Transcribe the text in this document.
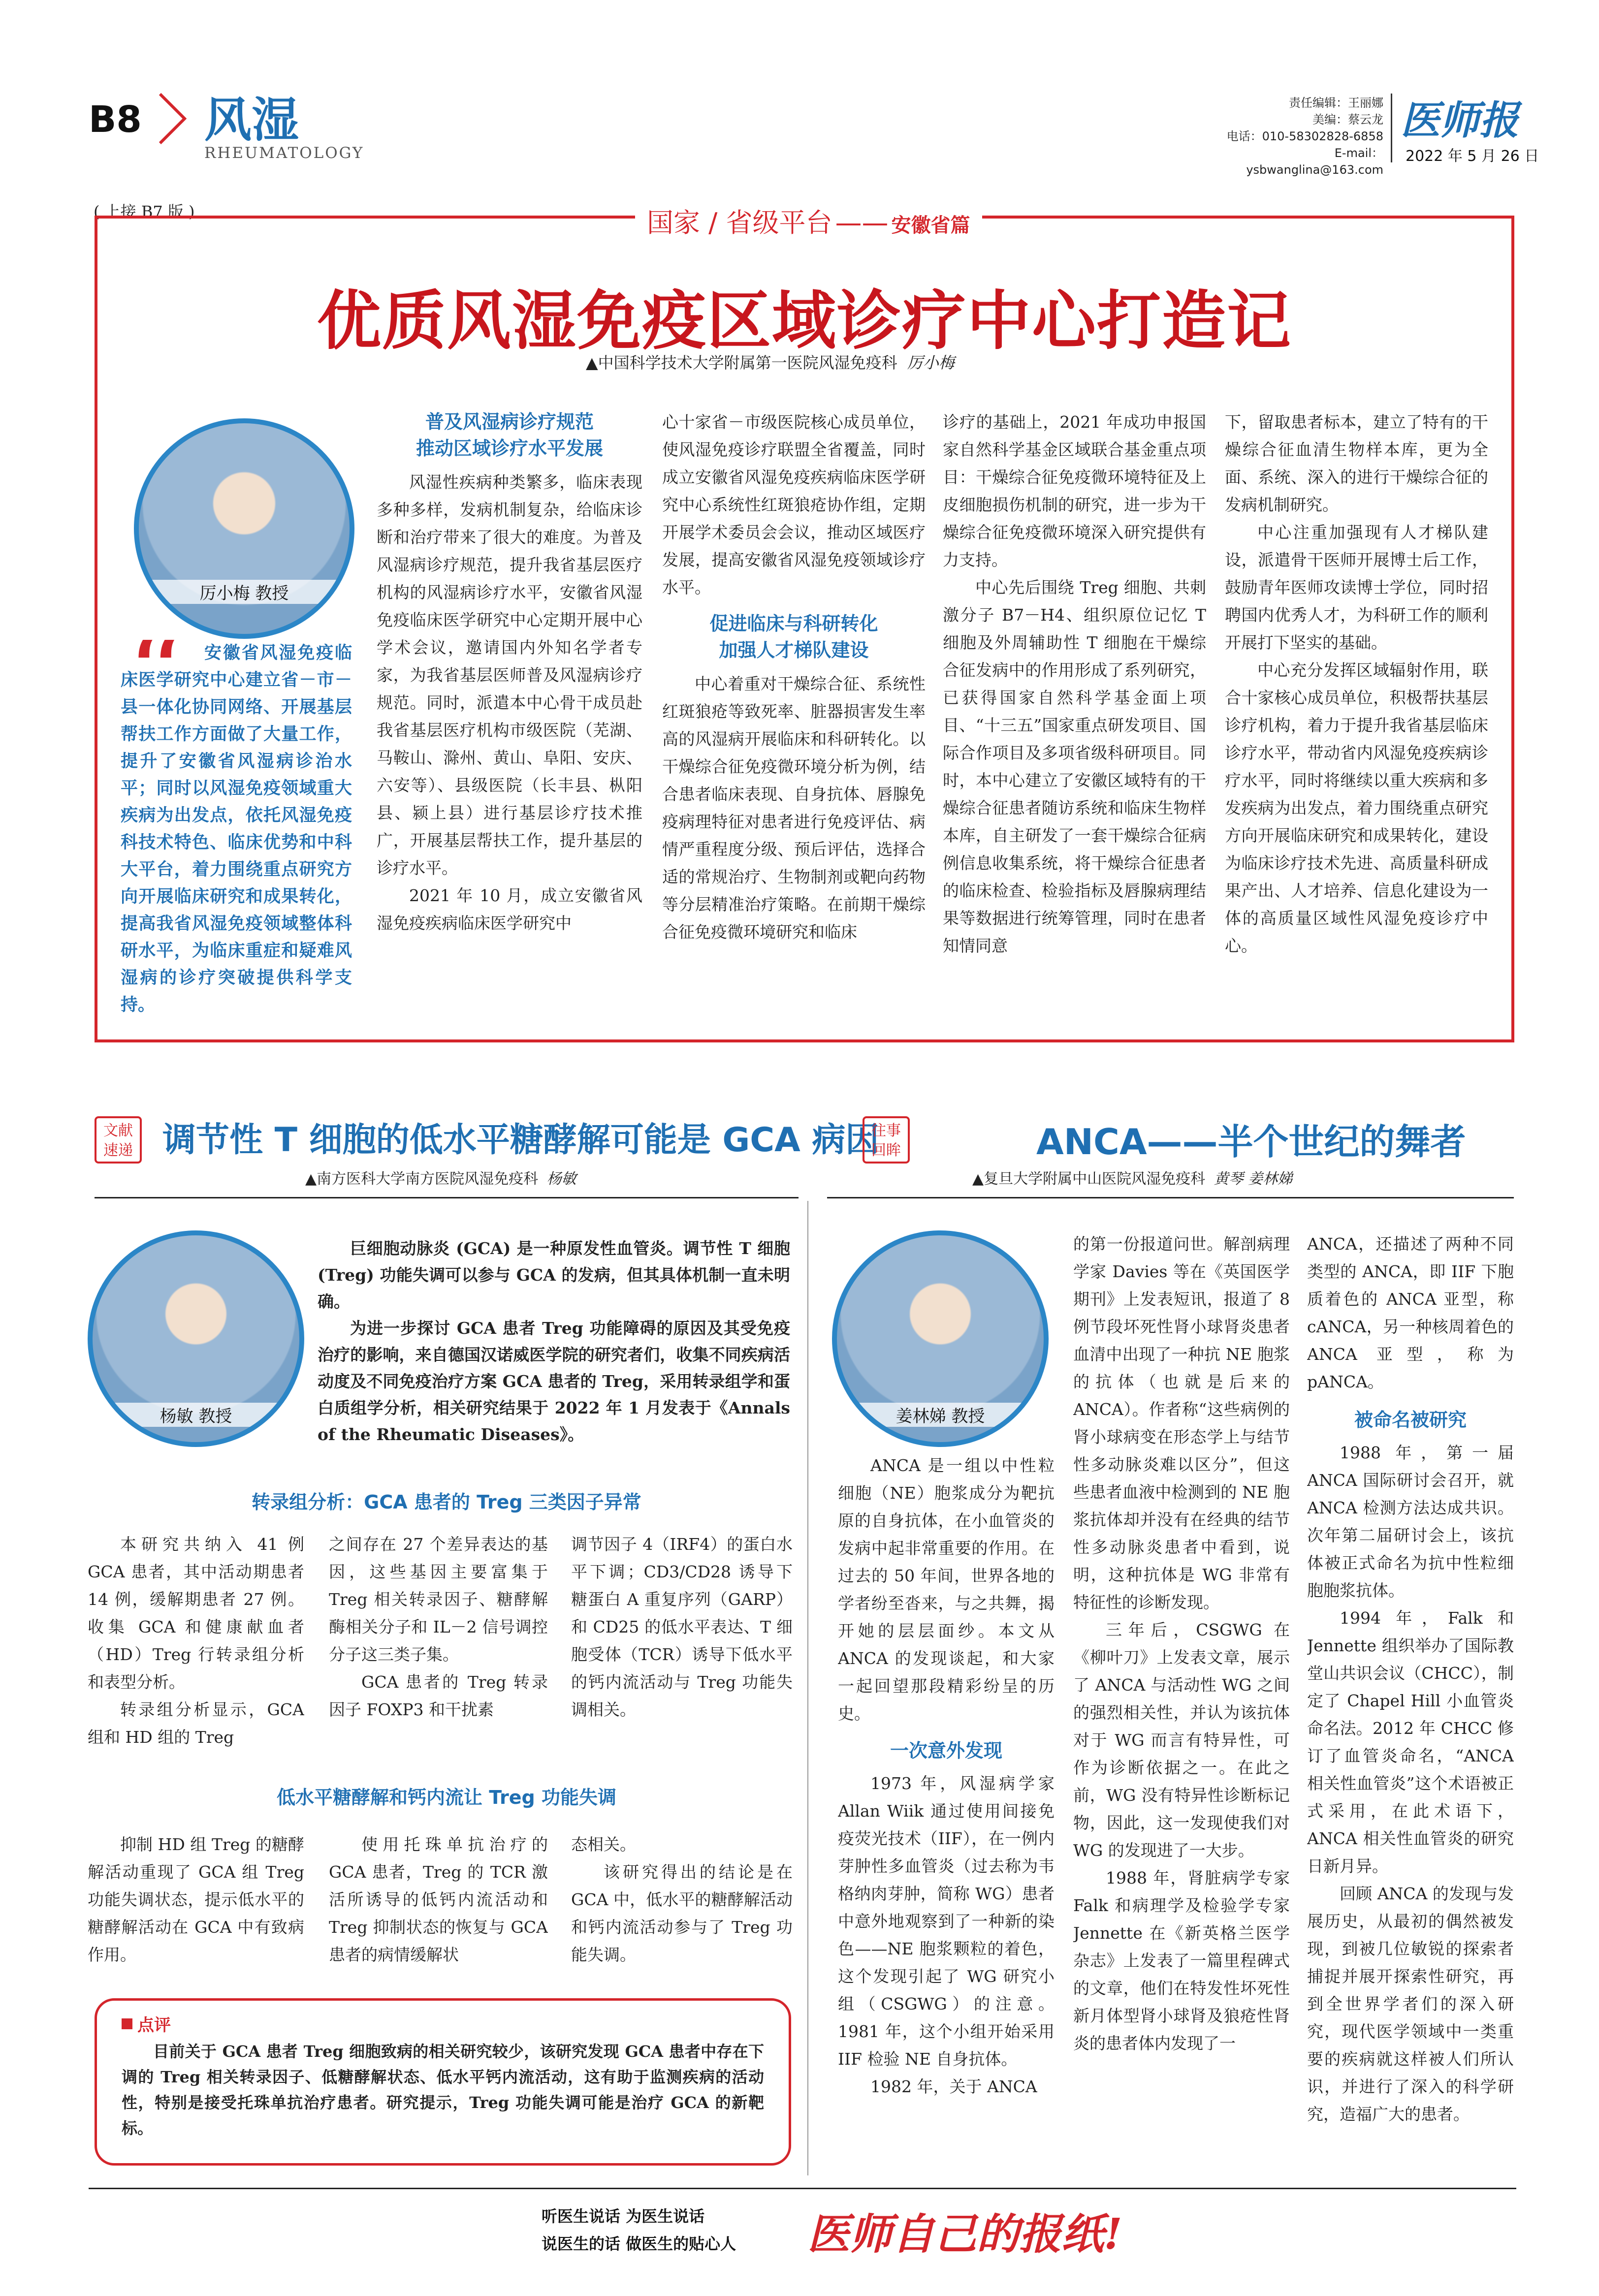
B8 风湿
RHEUMATOLOGY
责任编辑：王丽娜
美编：蔡云龙
电话：010-58302828-6858
E-mail：ysbwanglina@163.com
医师报
2022 年 5 月 26 日
( 上接 B7 版 )	国家 / 省级平台 —— 安徽省篇
优质风湿免疫区域诊疗中心打造记
▲中国科学技术大学附属第一医院风湿免疫科 厉小梅
厉小梅 教授
“	安徽省风湿免疫临床医学研究中心建立省－市－县一体化协同网络、开展基层帮扶工作方面做了大量工作，提升了安徽省风湿病诊治水平；同时以风湿免疫领域重大疾病为出发点，依托风湿免疫科技术特色、临床优势和中科大平台，着力围绕重点研究方向开展临床研究和成果转化，提高我省风湿免疫领域整体科研水平，为临床重症和疑难风湿病的诊疗突破提供科学支持。
普及风湿病诊疗规范
推动区域诊疗水平发展

风湿性疾病种类繁多，临床表现多种多样，发病机制复杂，给临床诊断和治疗带来了很大的难度。为普及风湿病诊疗规范，提升我省基层医疗机构的风湿病诊疗水平，安徽省风湿免疫临床医学研究中心定期开展中心学术会议，邀请国内外知名学者专家，为我省基层医师普及风湿病诊疗规范。同时，派遣本中心骨干成员赴我省基层医疗机构市级医院（芜湖、马鞍山、滁州、黄山、阜阳、安庆、六安等）、县级医院（长丰县、枞阳县、颍上县）进行基层诊疗技术推广，开展基层帮扶工作，提升基层的诊疗水平。

2021 年 10 月，成立安徽省风湿免疫疾病临床医学研究中

心十家省－市级医院核心成员单位，使风湿免疫诊疗联盟全省覆盖，同时成立安徽省风湿免疫疾病临床医学研究中心系统性红斑狼疮协作组，定期开展学术委员会会议，推动区域医疗发展，提高安徽省风湿免疫领域诊疗水平。

促进临床与科研转化
加强人才梯队建设

中心着重对干燥综合征、系统性红斑狼疮等致死率、脏器损害发生率高的风湿病开展临床和科研转化。以干燥综合征免疫微环境分析为例，结合患者临床表现、自身抗体、唇腺免疫病理特征对患者进行免疫评估、病情严重程度分级、预后评估，选择合适的常规治疗、生物制剂或靶向药物等分层精准治疗策略。在前期干燥综合征免疫微环境研究和临床

诊疗的基础上，2021 年成功申报国家自然科学基金区域联合基金重点项目：干燥综合征免疫微环境特征及上皮细胞损伤机制的研究，进一步为干燥综合征免疫微环境深入研究提供有力支持。

中心先后围绕 Treg 细胞、共刺激分子 B7－H4、组织原位记忆 T 细胞及外周辅助性 T 细胞在干燥综合征发病中的作用形成了系列研究，已获得国家自然科学基金面上项目、“十三五”国家重点研发项目、国际合作项目及多项省级科研项目。同时，本中心建立了安徽区域特有的干燥综合征患者随访系统和临床生物样本库，自主研发了一套干燥综合征病例信息收集系统，将干燥综合征患者的临床检查、检验指标及唇腺病理结果等数据进行统筹管理，同时在患者知情同意

下，留取患者标本，建立了特有的干燥综合征血清生物样本库，更为全面、系统、深入的进行干燥综合征的发病机制研究。

中心注重加强现有人才梯队建设，派遣骨干医师开展博士后工作，鼓励青年医师攻读博士学位，同时招聘国内优秀人才，为科研工作的顺利开展打下坚实的基础。

中心充分发挥区域辐射作用，联合十家核心成员单位，积极帮扶基层诊疗机构，着力于提升我省基层临床诊疗水平，带动省内风湿免疫疾病诊疗水平，同时将继续以重大疾病和多发疾病为出发点，着力围绕重点研究方向开展临床研究和成果转化，建设为临床诊疗技术先进、高质量科研成果产出、人才培养、信息化建设为一体的高质量区域性风湿免疫诊疗中心。

文献速递 调节性 T 细胞的低水平糖酵解可能是 GCA 病因
▲南方医科大学南方医院风湿免疫科 杨敏
杨敏 教授

巨细胞动脉炎 (GCA) 是一种原发性血管炎。调节性 T 细胞 (Treg) 功能失调可以参与 GCA 的发病，但其具体机制一直未明确。

为进一步探讨 GCA 患者 Treg 功能障碍的原因及其受免疫治疗的影响，来自德国汉诺威医学院的研究者们，收集不同疾病活动度及不同免疫治疗方案 GCA 患者的 Treg，采用转录组学和蛋白质组学分析，相关研究结果于 2022 年 1 月发表于《Annals of the Rheumatic Diseases》。

转录组分析：GCA 患者的 Treg 三类因子异常

本研究共纳入 41 例 GCA 患者，其中活动期患者 14 例，缓解期患者 27 例。收集 GCA 和健康献血者（HD）Treg 行转录组分析和表型分析。

转录组分析显示，GCA 组和 HD 组的 Treg

之间存在 27 个差异表达的基因，这些基因主要富集于 Treg 相关转录因子、糖酵解酶相关分子和 IL－2 信号调控分子这三类子集。

GCA 患者的 Treg 转录因子 FOXP3 和干扰素

调节因子 4（IRF4）的蛋白水平下调；CD3/CD28 诱导下糖蛋白 A 重复序列（GARP）和 CD25 的低水平表达、T 细胞受体（TCR）诱导下低水平的钙内流活动与 Treg 功能失调相关。

低水平糖酵解和钙内流让 Treg 功能失调

抑制 HD 组 Treg 的糖酵解活动重现了 GCA 组 Treg 功能失调状态，提示低水平的糖酵解活动在 GCA 中有致病作用。

使用托珠单抗治疗的 GCA 患者，Treg 的 TCR 激活所诱导的低钙内流活动和 Treg 抑制状态的恢复与 GCA 患者的病情缓解状

态相关。

该研究得出的结论是在 GCA 中，低水平的糖酵解活动和钙内流活动参与了 Treg 功能失调。

点评

目前关于 GCA 患者 Treg 细胞致病的相关研究较少，该研究发现 GCA 患者中存在下调的 Treg 相关转录因子、低糖酵解状态、低水平钙内流活动，这有助于监测疾病的活动性，特别是接受托珠单抗治疗患者。研究提示，Treg 功能失调可能是治疗 GCA 的新靶标。

往事回眸	ANCA——半个世纪的舞者
▲复旦大学附属中山医院风湿免疫科 黄琴 姜林娣
姜林娣 教授

ANCA 是一组以中性粒细胞（NE）胞浆成分为靶抗原的自身抗体，在小血管炎的发病中起非常重要的作用。在过去的 50 年间，世界各地的学者纷至沓来，与之共舞，揭开她的层层面纱。本文从 ANCA 的发现谈起，和大家一起回望那段精彩纷呈的历史。

一次意外发现

1973 年，风湿病学家 Allan Wiik 通过使用间接免疫荧光技术（IIF），在一例内芽肿性多血管炎（过去称为韦格纳肉芽肿，简称 WG）患者中意外地观察到了一种新的染色——NE 胞浆颗粒的着色，这个发现引起了 WG 研究小组（CSGWG）的注意。1981 年，这个小组开始采用 IIF 检验 NE 自身抗体。

1982 年，关于 ANCA

的第一份报道问世。解剖病理学家 Davies 等在《英国医学期刊》上发表短讯，报道了 8 例节段坏死性肾小球肾炎患者血清中出现了一种抗 NE 胞浆的抗体（也就是后来的 ANCA）。作者称“这些病例的肾小球病变在形态学上与结节性多动脉炎难以区分”，但这些患者血液中检测到的 NE 胞浆抗体却并没有在经典的结节性多动脉炎患者中看到，说明，这种抗体是 WG 非常有特征性的诊断发现。

三年后，CSGWG 在《柳叶刀》上发表文章，展示了 ANCA 与活动性 WG 之间的强烈相关性，并认为该抗体对于 WG 而言有特异性，可作为诊断依据之一。在此之前，WG 没有特异性诊断标记物，因此，这一发现使我们对 WG 的发现进了一大步。

1988 年，肾脏病学专家 Falk 和病理学及检验学专家 Jennette 在《新英格兰医学杂志》上发表了一篇里程碑式的文章，他们在特发性坏死性新月体型肾小球肾及狼疮性肾炎的患者体内发现了一

ANCA，还描述了两种不同类型的 ANCA，即 IIF 下胞质着色的 ANCA 亚型，称 cANCA，另一种核周着色的 ANCA 亚型，称为 pANCA。

被命名被研究

1988 年，第一届 ANCA 国际研讨会召开，就 ANCA 检测方法达成共识。次年第二届研讨会上，该抗体被正式命名为抗中性粒细胞胞浆抗体。

1994 年，Falk 和 Jennette 组织举办了国际教堂山共识会议（CHCC），制定了 Chapel Hill 小血管炎命名法。2012 年 CHCC 修订了血管炎命名，“ANCA 相关性血管炎”这个术语被正式采用，在此术语下，ANCA 相关性血管炎的研究日新月异。

回顾 ANCA 的发现与发展历史，从最初的偶然被发现，到被几位敏锐的探索者捕捉并展开探索性研究，再到全世界学者们的深入研究，现代医学领域中一类重要的疾病就这样被人们所认识，并进行了深入的科学研究，造福广大的患者。

听医生说话 为医生说话
说医生的话 做医生的贴心人 医师自己的报纸!
